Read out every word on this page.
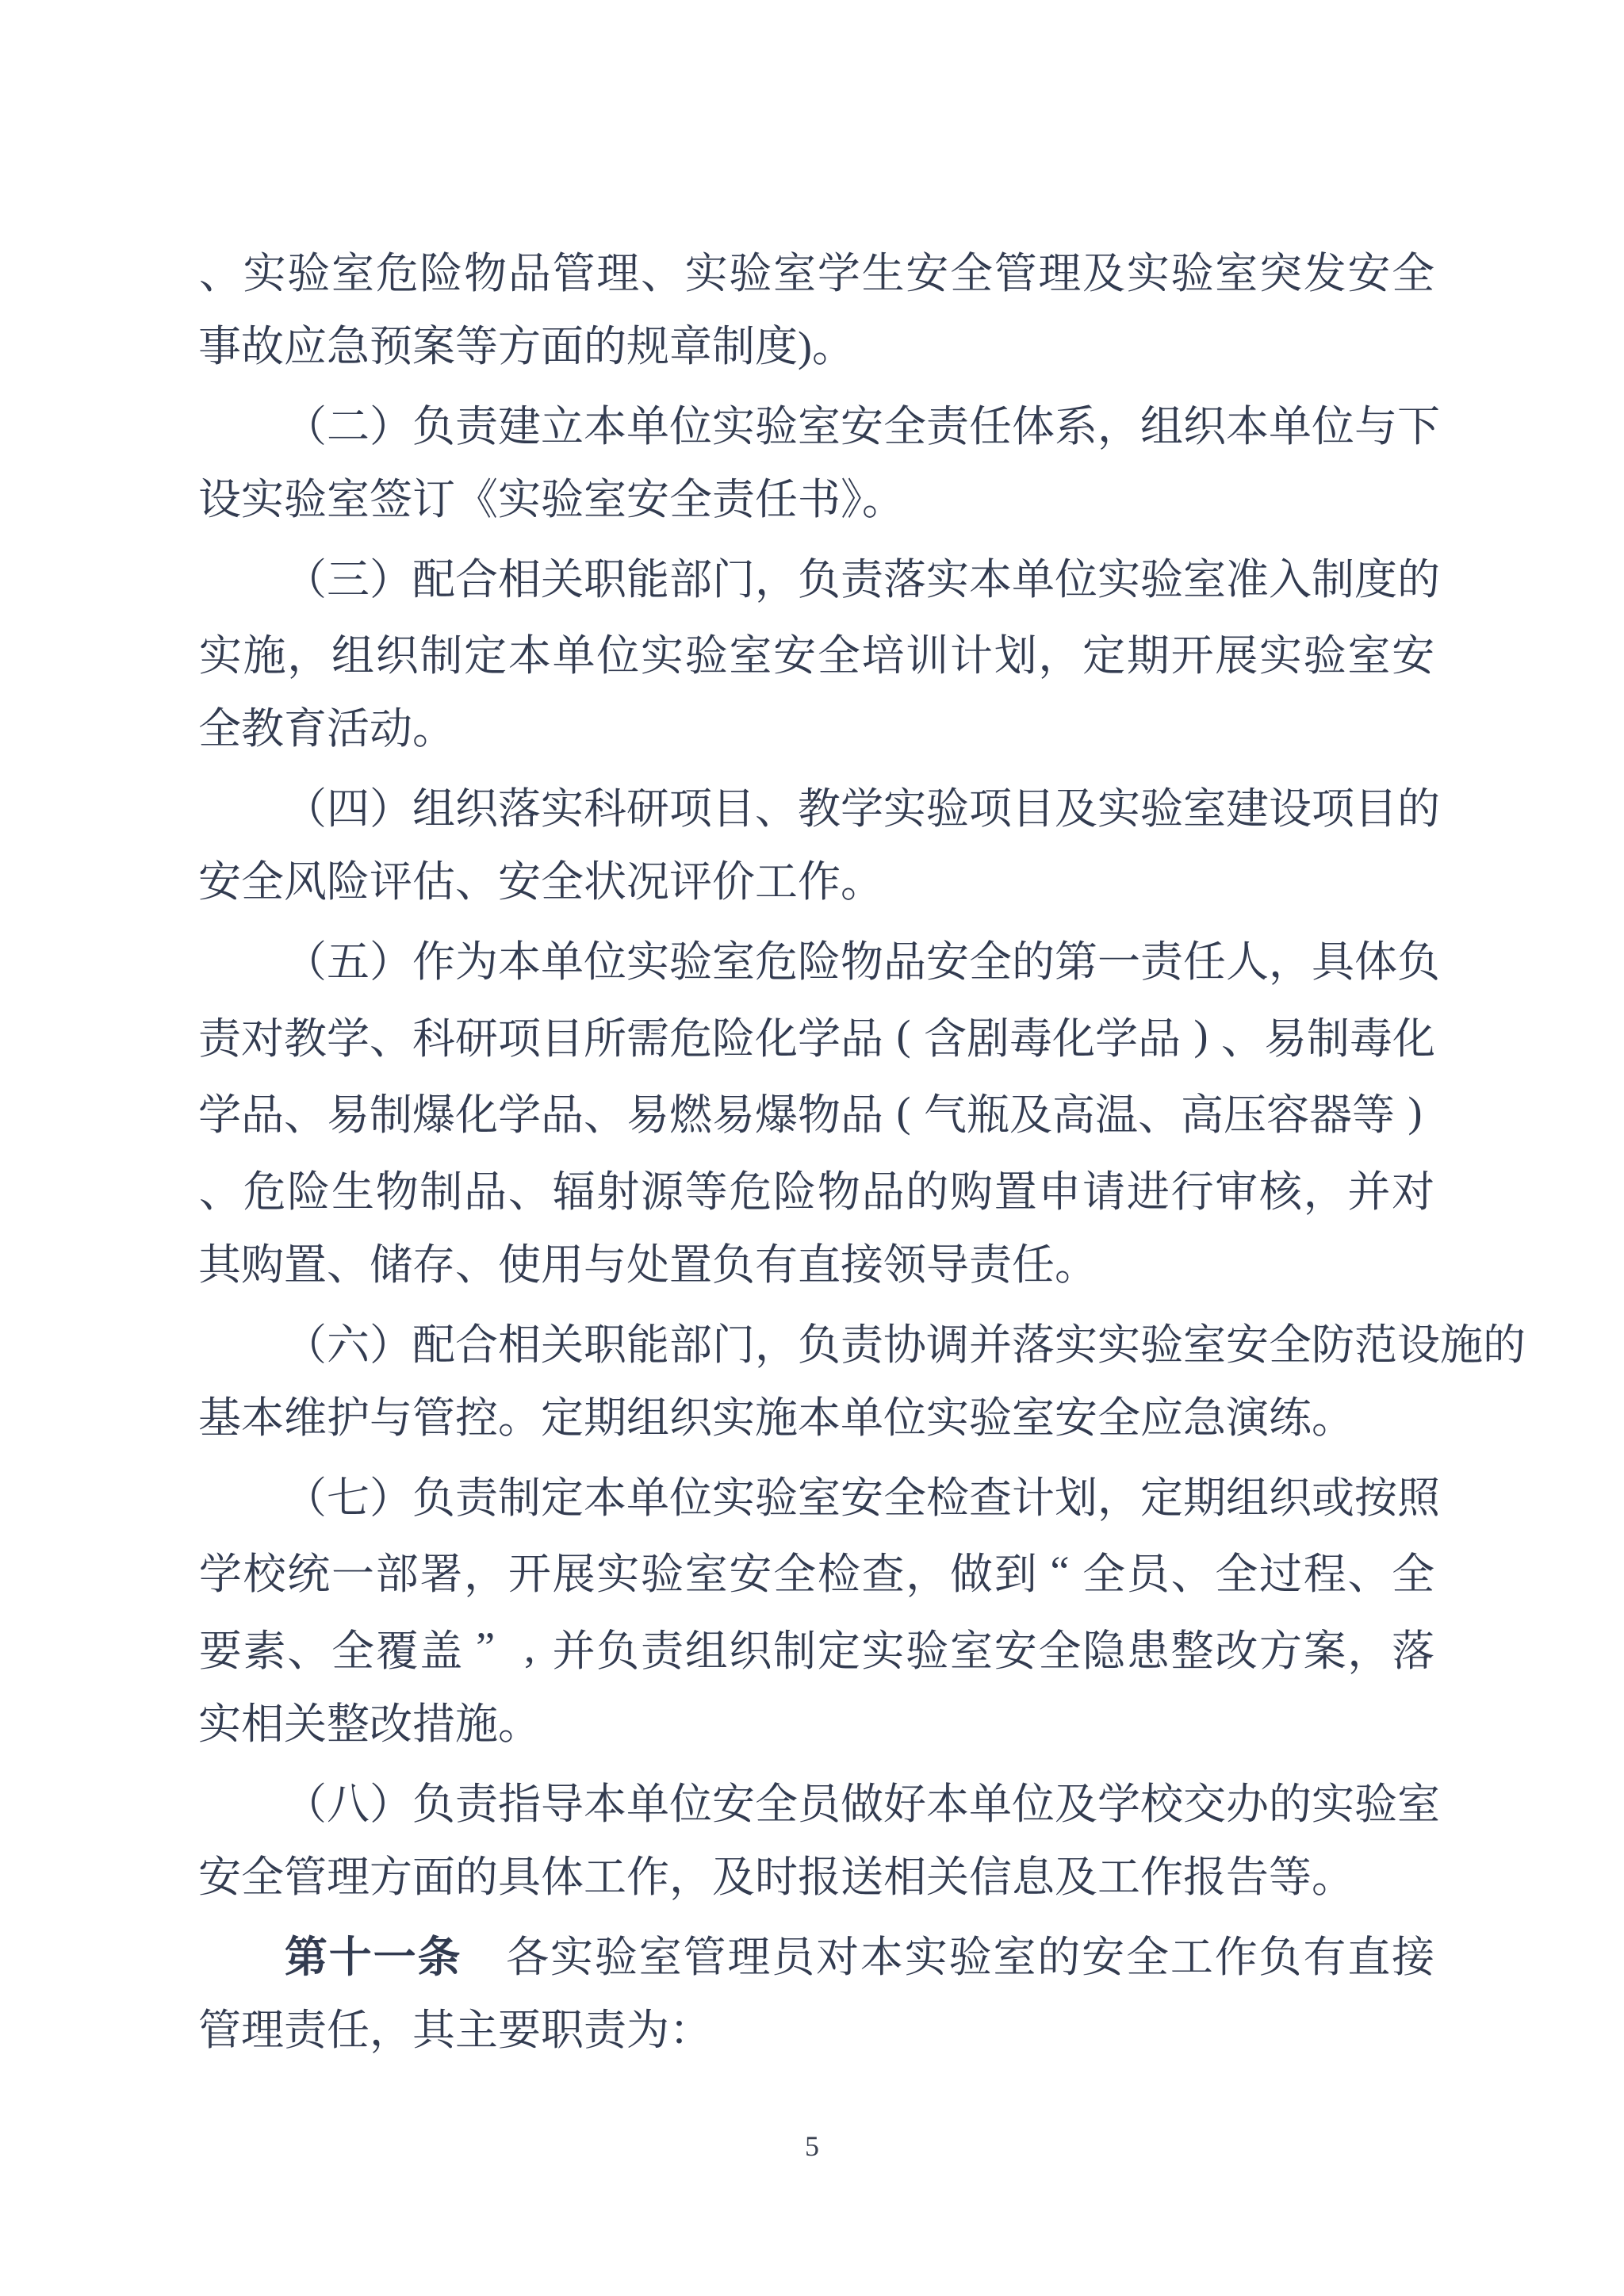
、 实 验 室 危 险 物 品 管 理 、 实 验 室 学 生 安 全 管 理 及 实 验 室 突 发 安 全
事故应急预案等方面的规章制度)。
（ 二 ） 负 责 建 立 本 单 位 实 验 室 安 全 责 任 体 系 ， 组 织 本 单 位 与 下
设实验室签订《实验室安全责任书》。
（ 三 ） 配 合 相 关 职 能 部 门 ， 负 责 落 实 本 单 位 实 验 室 准 入 制 度 的
实 施 ， 组 织 制 定 本 单 位 实 验 室 安 全 培 训 计 划 ， 定 期 开 展 实 验 室 安
全教育活动。
（ 四 ） 组 织 落 实 科 研 项 目 、 教 学 实 验 项 目 及 实 验 室 建 设 项 目 的
安全风险评估、安全状况评价工作。
（ 五 ） 作 为 本 单 位 实 验 室 危 险 物 品 安 全 的 第 一 责 任 人 ， 具 体 负
责 对 教 学 、 科 研 项 目 所 需 危 险 化 学 品 ( 含 剧 毒 化 学 品 ) 、 易 制 毒 化
学 品 、 易 制 爆 化 学 品 、 易 燃 易 爆 物 品 ( 气 瓶 及 高 温 、 高 压 容 器 等 )
、 危 险 生 物 制 品 、 辐 射 源 等 危 险 物 品 的 购 置 申 请 进 行 审 核 ， 并 对
其购置、储存、使用与处置负有直接领导责任。
（ 六 ） 配 合 相 关 职 能 部 门 ， 负 责 协 调 并 落 实 实 验 室 安 全 防 范 设 施 的
基本维护与管控。定期组织实施本单位实验室安全应急演练。
（ 七 ） 负 责 制 定 本 单 位 实 验 室 安 全 检 查 计 划 ， 定 期 组 织 或 按 照
学 校 统 一 部 署 ， 开 展 实 验 室 安 全 检 查 ， 做 到 “ 全 员 、 全 过 程 、 全
要 素 、 全 覆 盖 ” , 并 负 责 组 织 制 定 实 验 室 安 全 隐 患 整 改 方 案 ， 落
实相关整改措施。
（ 八 ） 负 责 指 导 本 单 位 安 全 员 做 好 本 单 位 及 学 校 交 办 的 实 验 室
安全管理方面的具体工作，及时报送相关信息及工作报告等。
第 十 一 条
　 各 实 验 室 管 理 员 对 本 实 验 室 的 安 全 工 作 负 有 直 接
管理责任，其主要职责为：
5
